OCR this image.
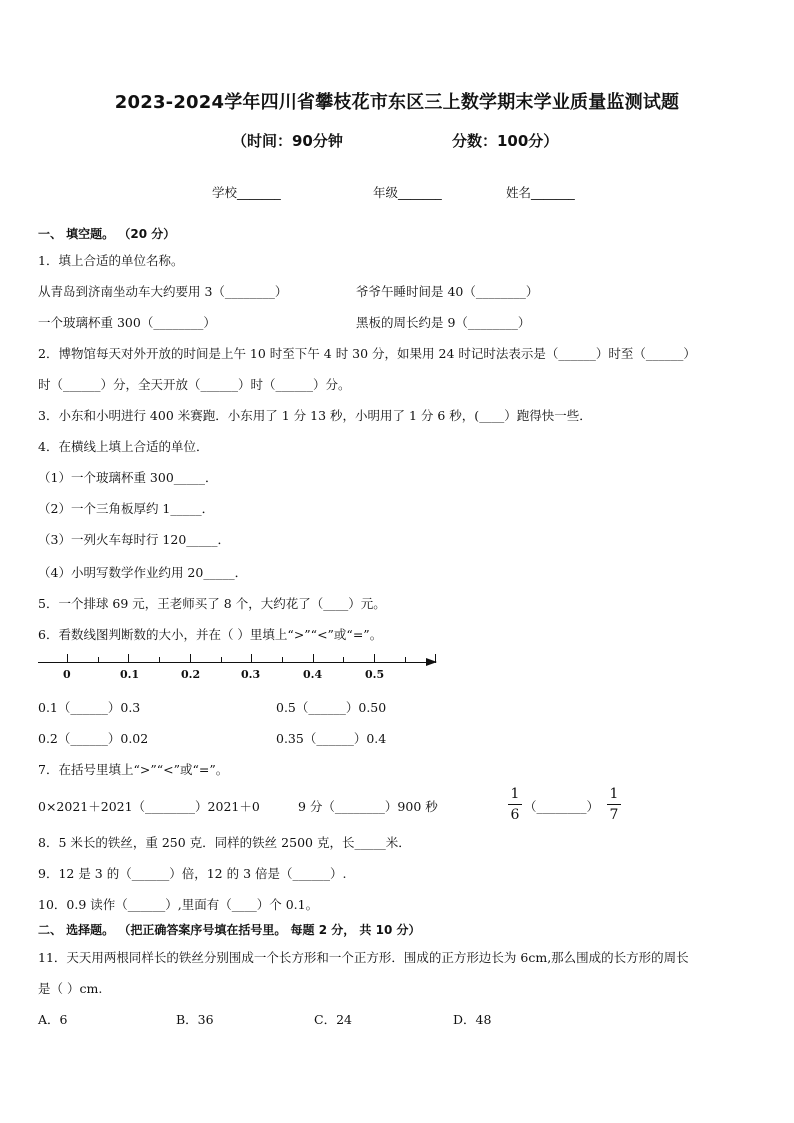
2023-2024学年四川省攀枝花市东区三上数学期末学业质量监测试题
（时间：90分钟	分数：100分）
学校_______	年级_______	姓名_______
一、 填空题。 （20 分）
1．填上合适的单位名称。
从青岛到济南坐动车大约要用 3（________）	爷爷午睡时间是 40（________）
一个玻璃杯重 300（________）	黑板的周长约是 9（________）
2．博物馆每天对外开放的时间是上午 10 时至下午 4 时 30 分，如果用 24 时记时法表示是（______）时至（______）
时（______）分，全天开放（______）时（______）分。
3．小东和小明进行 400 米赛跑．小东用了 1 分 13 秒，小明用了 1 分 6 秒，(____）跑得快一些．
4．在横线上填上合适的单位．
（1）一个玻璃杯重 300_____．
（2）一个三角板厚约 1_____．
（3）一列火车每时行 120_____．
（4）小明写数学作业约用 20_____．
5．一个排球 69 元，王老师买了 8 个，大约花了（____）元。
6．看数线图判断数的大小，并在（ ）里填上“>”“<”或“=”。
0	0.1	0.2	0.3	0.4	0.5
0.1（______）0.3	0.5（______）0.50
0.2（______）0.02	0.35（______）0.4
7．在括号里填上“>”“<”或“=”。
0×2021＋2021（________）2021＋0	9 分（________）900 秒
1
6
（________）
1
7
8．5 米长的铁丝，重 250 克．同样的铁丝 2500 克，长_____米．
9．12 是 3 的（______）倍，12 的 3 倍是（______）.
10．0.9 读作（______）,里面有（____）个 0.1。
二、 选择题。 （把正确答案序号填在括号里。 每题 2 分， 共 10 分）
11．天天用两根同样长的铁丝分别围成一个长方形和一个正方形．围成的正方形边长为 6cm,那么围成的长方形的周长
是（ ）cm.
A．6	B．36	C．24	D．48
